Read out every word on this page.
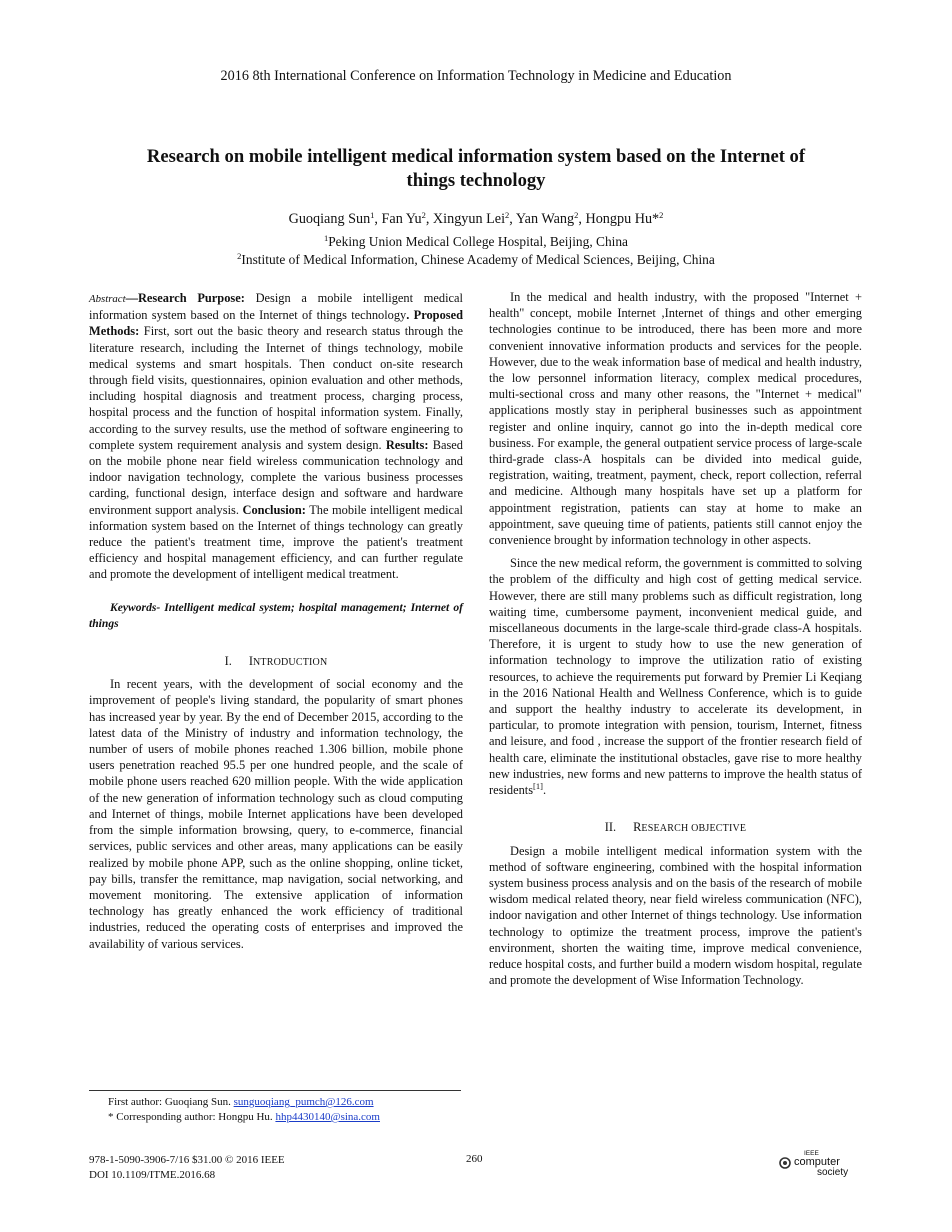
2016 8th International Conference on Information Technology in Medicine and Education
Research on mobile intelligent medical information system based on the Internet of
things technology
Guoqiang Sun$^1$, Fan Yu$^2$, Xingyun Lei$^2$, Yan Wang$^2$, Hongpu Hu*$^2$
$^1$Peking Union Medical College Hospital, Beijing, China
$^2$Institute of Medical Information, Chinese Academy of Medical Sciences, Beijing, China

Abstract—Research Purpose: Design a mobile intelligent medical information system based on the Internet of things technology. Proposed Methods: First, sort out the basic theory and research status through the literature research, including the Internet of things technology, mobile medical systems and smart hospitals. Then conduct on-site research through field visits, questionnaires, opinion evaluation and other methods, including hospital diagnosis and treatment process, charging process, hospital process and the function of hospital information system. Finally, according to the survey results, use the method of software engineering to complete system requirement analysis and system design. Results: Based on the mobile phone near field wireless communication technology and indoor navigation technology, complete the various business processes carding, functional design, interface design and software and hardware environment support analysis. Conclusion: The mobile intelligent medical information system based on the Internet of things technology can greatly reduce the patient's treatment time, improve the patient's treatment efficiency and hospital management efficiency, and can further regulate and promote the development of intelligent medical treatment.

Keywords- Intelligent medical system; hospital management; Internet of things

I. INTRODUCTION

In recent years, with the development of social economy and the improvement of people's living standard, the popularity of smart phones has increased year by year. By the end of December 2015, according to the latest data of the Ministry of industry and information technology, the number of users of mobile phones reached 1.306 billion, mobile phone users penetration reached 95.5 per one hundred people, and the scale of mobile phone users reached 620 million people. With the wide application of the new generation of information technology such as cloud computing and Internet of things, mobile Internet applications have been developed from the simple information browsing, query, to e-commerce, financial services, public services and other areas, many applications can be easily realized by mobile phone APP, such as the online shopping, online ticket, pay bills, transfer the remittance, map navigation, social networking, and movement monitoring. The extensive application of information technology has greatly enhanced the work efficiency of traditional industries, reduced the operating costs of enterprises and improved the availability of various services.

In the medical and health industry, with the proposed "Internet + health" concept, mobile Internet ,Internet of things and other emerging technologies continue to be introduced, there has been more and more convenient innovative information products and services for the people. However, due to the weak information base of medical and health industry, the low personnel information literacy, complex medical procedures, multi-sectional cross and many other reasons, the "Internet + medical" applications mostly stay in peripheral businesses such as appointment register and online inquiry, cannot go into the in-depth medical core business. For example, the general outpatient service process of large-scale third-grade class-A hospitals can be divided into medical guide, registration, waiting, treatment, payment, check, report collection, referral and medicine. Although many hospitals have set up a platform for appointment registration, patients can stay at home to make an appointment, save queuing time of patients, patients still cannot enjoy the convenience brought by information technology in other aspects.

Since the new medical reform, the government is committed to solving the problem of the difficulty and high cost of getting medical service. However, there are still many problems such as difficult registration, long waiting time, cumbersome payment, inconvenient medical guide, and miscellaneous documents in the large-scale third-grade class-A hospitals. Therefore, it is urgent to study how to use the new generation of information technology to improve the utilization ratio of existing resources, to achieve the requirements put forward by Premier Li Keqiang in the 2016 National Health and Wellness Conference, which is to guide and support the healthy industry to accelerate its development, in particular, to promote integration with pension, tourism, Internet, fitness and leisure, and food , increase the support of the frontier research field of health care, eliminate the institutional obstacles, gave rise to more healthy new industries, new forms and new patterns to improve the health status of residents[1].

II. RESEARCH OBJECTIVE

Design a mobile intelligent medical information system with the method of software engineering, combined with the hospital information system business process analysis and on the basis of the research of mobile wisdom medical related theory, near field wireless communication (NFC), indoor navigation and other Internet of things technology. Use information technology to optimize the treatment process, improve the patient's environment, shorten the waiting time, improve medical convenience, reduce hospital costs, and further build a modern wisdom hospital, regulate and promote the development of Wise Information Technology.

First author: Guoqiang Sun. sunguoqiang_pumch@126.com
* Corresponding author: Hongpu Hu. hhp4430140@sina.com
978-1-5090-3906-7/16 $31.00 © 2016 IEEE
DOI 10.1109/ITME.2016.68
260	IEEE
computer
society
